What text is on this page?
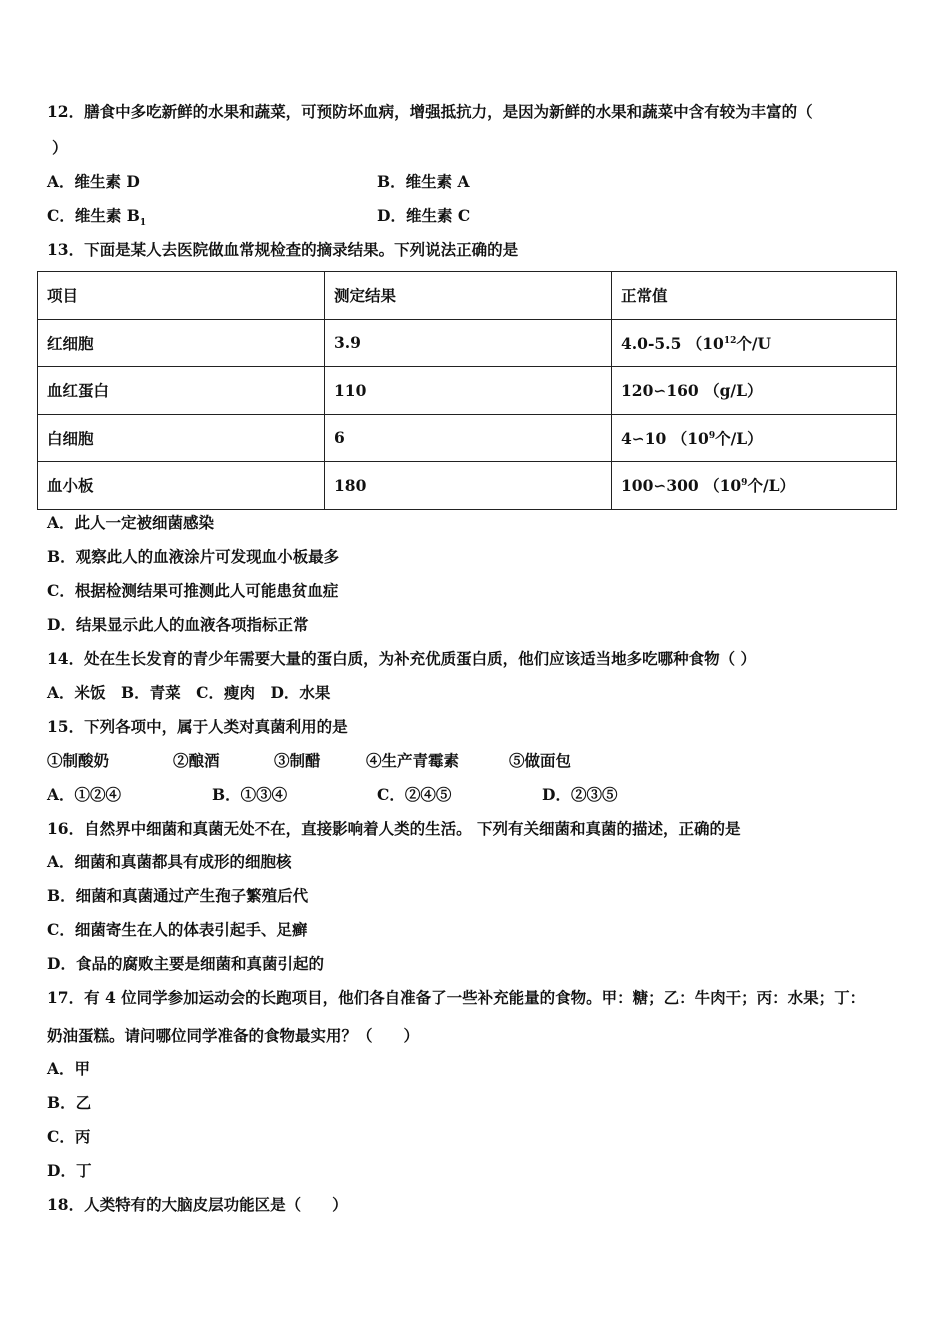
12．膳食中多吃新鲜的水果和蔬菜，可预防坏血病，增强抵抗力，是因为新鲜的水果和蔬菜中含有较为丰富的（
）
A．维生素 D	B．维生素 A
C．维生素 $B_1$	D．维生素 C
13．下面是某人去医院做血常规检查的摘录结果。下列说法正确的是
项目	测定结果	正常值
红细胞	3.9	4.0-5.5 （$10^{12}$个/U
血红蛋白	110	120∽160 （g/L）
白细胞	6	4∽10 （$10^9$个/L）
血小板	180	100∽300 （$10^9$个/L）
A．此人一定被细菌感染
B．观察此人的血液涂片可发现血小板最多
C．根据检测结果可推测此人可能患贫血症
D．结果显示此人的血液各项指标正常
14．处在生长发育的青少年需要大量的蛋白质，为补充优质蛋白质，他们应该适当地多吃哪种食物（ ）
A．米饭　B．青菜　C．瘦肉　D．水果
15．下列各项中，属于人类对真菌利用的是
①制酸奶	②酿酒	③制醋	④生产青霉素	⑤做面包
A．①②④	B．①③④	C．②④⑤	D．②③⑤
16．自然界中细菌和真菌无处不在，直接影响着人类的生活。 下列有关细菌和真菌的描述，正确的是
A．细菌和真菌都具有成形的细胞核
B．细菌和真菌通过产生孢子繁殖后代
C．细菌寄生在人的体表引起手、足癣
D．食品的腐败主要是细菌和真菌引起的
17．有 4 位同学参加运动会的长跑项目，他们各自准备了一些补充能量的食物。甲：糖；乙：牛肉干；丙：水果；丁：
奶油蛋糕。请问哪位同学准备的食物最实用？（　　）
A．甲
B．乙
C．丙
D．丁
18．人类特有的大脑皮层功能区是（　　）
